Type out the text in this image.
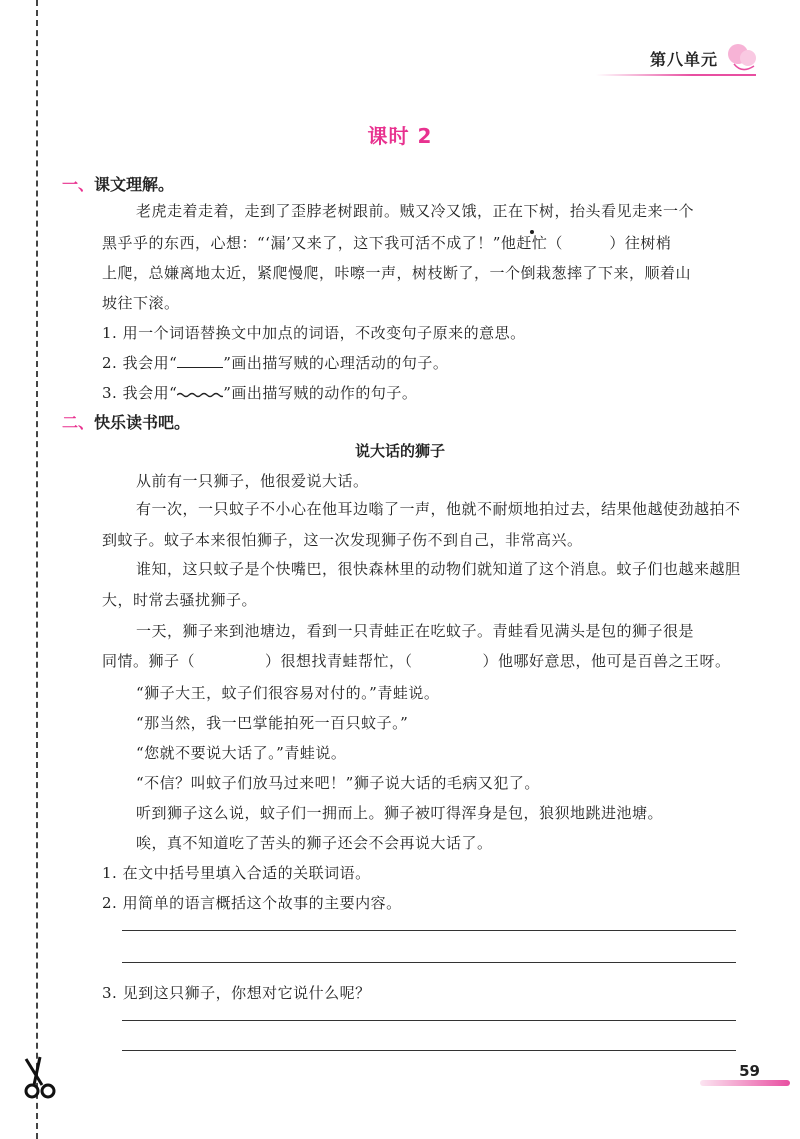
第八单元
课时 2
一、课文理解。
老虎走着走着，走到了歪脖老树跟前。贼又冷又饿，正在下树，抬头看见走来一个
黑乎乎的东西，心想：“‘漏’又来了，这下我可活不成了！”他赶忙（　　　）往树梢
上爬，总嫌离地太近，紧爬慢爬，咔嚓一声，树枝断了，一个倒栽葱摔了下来，顺着山
坡往下滚。
1. 用一个词语替换文中加点的词语，不改变句子原来的意思。
2. 我会用“	”画出描写贼的心理活动的句子。
3. 我会用“	”画出描写贼的动作的句子。
二、快乐读书吧。
说大话的狮子
从前有一只狮子，他很爱说大话。
有一次，一只蚊子不小心在他耳边嗡了一声，他就不耐烦地拍过去，结果他越使劲越拍不到蚊子。蚊子本来很怕狮子，这一次发现狮子伤不到自己，非常高兴。
谁知，这只蚊子是个快嘴巴，很快森林里的动物们就知道了这个消息。蚊子们也越来越胆大，时常去骚扰狮子。
一天，狮子来到池塘边，看到一只青蛙正在吃蚊子。青蛙看见满头是包的狮子很是
同情。狮子（	）很想找青蛙帮忙，（	）他哪好意思，他可是百兽之王呀。
“狮子大王，蚊子们很容易对付的。”青蛙说。
“那当然，我一巴掌能拍死一百只蚊子。”
“您就不要说大话了。”青蛙说。
“不信？叫蚊子们放马过来吧！”狮子说大话的毛病又犯了。
听到狮子这么说，蚊子们一拥而上。狮子被叮得浑身是包，狼狈地跳进池塘。
唉，真不知道吃了苦头的狮子还会不会再说大话了。
1. 在文中括号里填入合适的关联词语。
2. 用简单的语言概括这个故事的主要内容。
3. 见到这只狮子，你想对它说什么呢？
59
